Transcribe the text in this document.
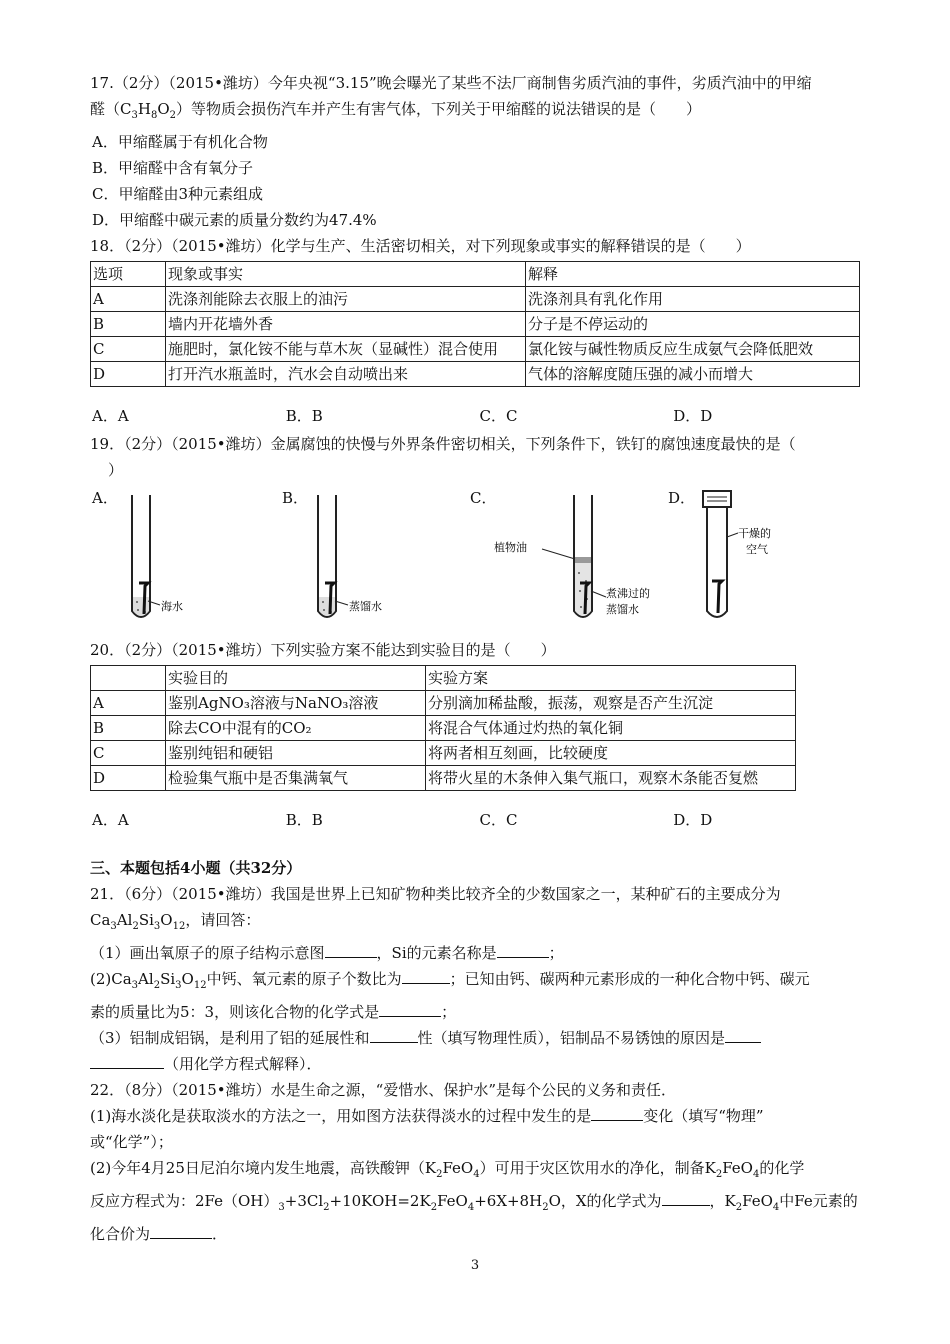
17.（2分）（2015•潍坊）今年央视“3.15”晚会曝光了某些不法厂商制售劣质汽油的事件，劣质汽油中的甲缩
醛$(C_3H_8O_2)$等物质会损伤汽车并产生有害气体，下列关于甲缩醛的说法错误的是（　　）
A．甲缩醛属于有机化合物
B．甲缩醛中含有氧分子
C．甲缩醛由3种元素组成
D．甲缩醛中碳元素的质量分数约为47.4%
18．（2分）（2015•潍坊）化学与生产、生活密切相关，对下列现象或事实的解释错误的是（　　）
选项	现象或事实	解释
A	洗涤剂能除去衣服上的油污	洗涤剂具有乳化作用
B	墙内开花墙外香	分子是不停运动的
C	施肥时，氯化铵不能与草木灰（显碱性）混合使用	氯化铵与碱性物质反应生成氨气会降低肥效
D	打开汽水瓶盖时，汽水会自动喷出来	气体的溶解度随压强的减小而增大
A．A	B．B	C．C	D．D
19．（2分）（2015•潍坊）金属腐蚀的快慢与外界条件密切相关，下列条件下，铁钉的腐蚀速度最快的是（
）
A．	B．	C．	D．
海水	蒸馏水
植物油
煮沸过的
蒸馏水
干燥的
空气
20．（2分）（2015•潍坊）下列实验方案不能达到实验目的是（　　）
	实验目的	实验方案
A	鉴别AgNO₃溶液与NaNO₃溶液	分别滴加稀盐酸，振荡，观察是否产生沉淀
B	除去CO中混有的CO₂	将混合气体通过灼热的氧化铜
C	鉴别纯铝和硬铝	将两者相互刻画，比较硬度
D	检验集气瓶中是否集满氧气	将带火星的木条伸入集气瓶口，观察木条能否复燃
A．A	B．B	C．C	D．D
三、本题包括4小题（共32分）
21．（6分）（2015•潍坊）我国是世界上已知矿物种类比较齐全的少数国家之一，某种矿石的主要成分为
$Ca_3Al_2Si_3O_{12}$，请回答：
（1）画出氧原子的原子结构示意图	，Si的元素名称是	；
$(2)Ca_3Al_2Si_3O_{12}$中钙、氧元素的原子个数比为	；已知由钙、碳两种元素形成的一种化合物中钙、碳元
素的质量比为5：3，则该化合物的化学式是	；
（3）铝制成铝锅，是利用了铝的延展性和	性（填写物理性质），铝制品不易锈蚀的原因是
（用化学方程式解释）．
22．（8分）（2015•潍坊）水是生命之源，“爱惜水、保护水”是每个公民的义务和责任．
(1)海水淡化是获取淡水的方法之一，用如图方法获得淡水的过程中发生的是	变化（填写“物理”
或“化学”）；
(2)今年4月25日尼泊尔境内发生地震，高铁酸钾$(K_2FeO_4)$可用于灾区饮用水的净化，制备$K_2FeO_4$的化学
反应方程式为：$2Fe(OH)_3+3Cl_2+10KOH=2K_2FeO_4+6X+8H_2O$，X的化学式为	，$K_2FeO_4$中Fe元素的
化合价为	．
3
